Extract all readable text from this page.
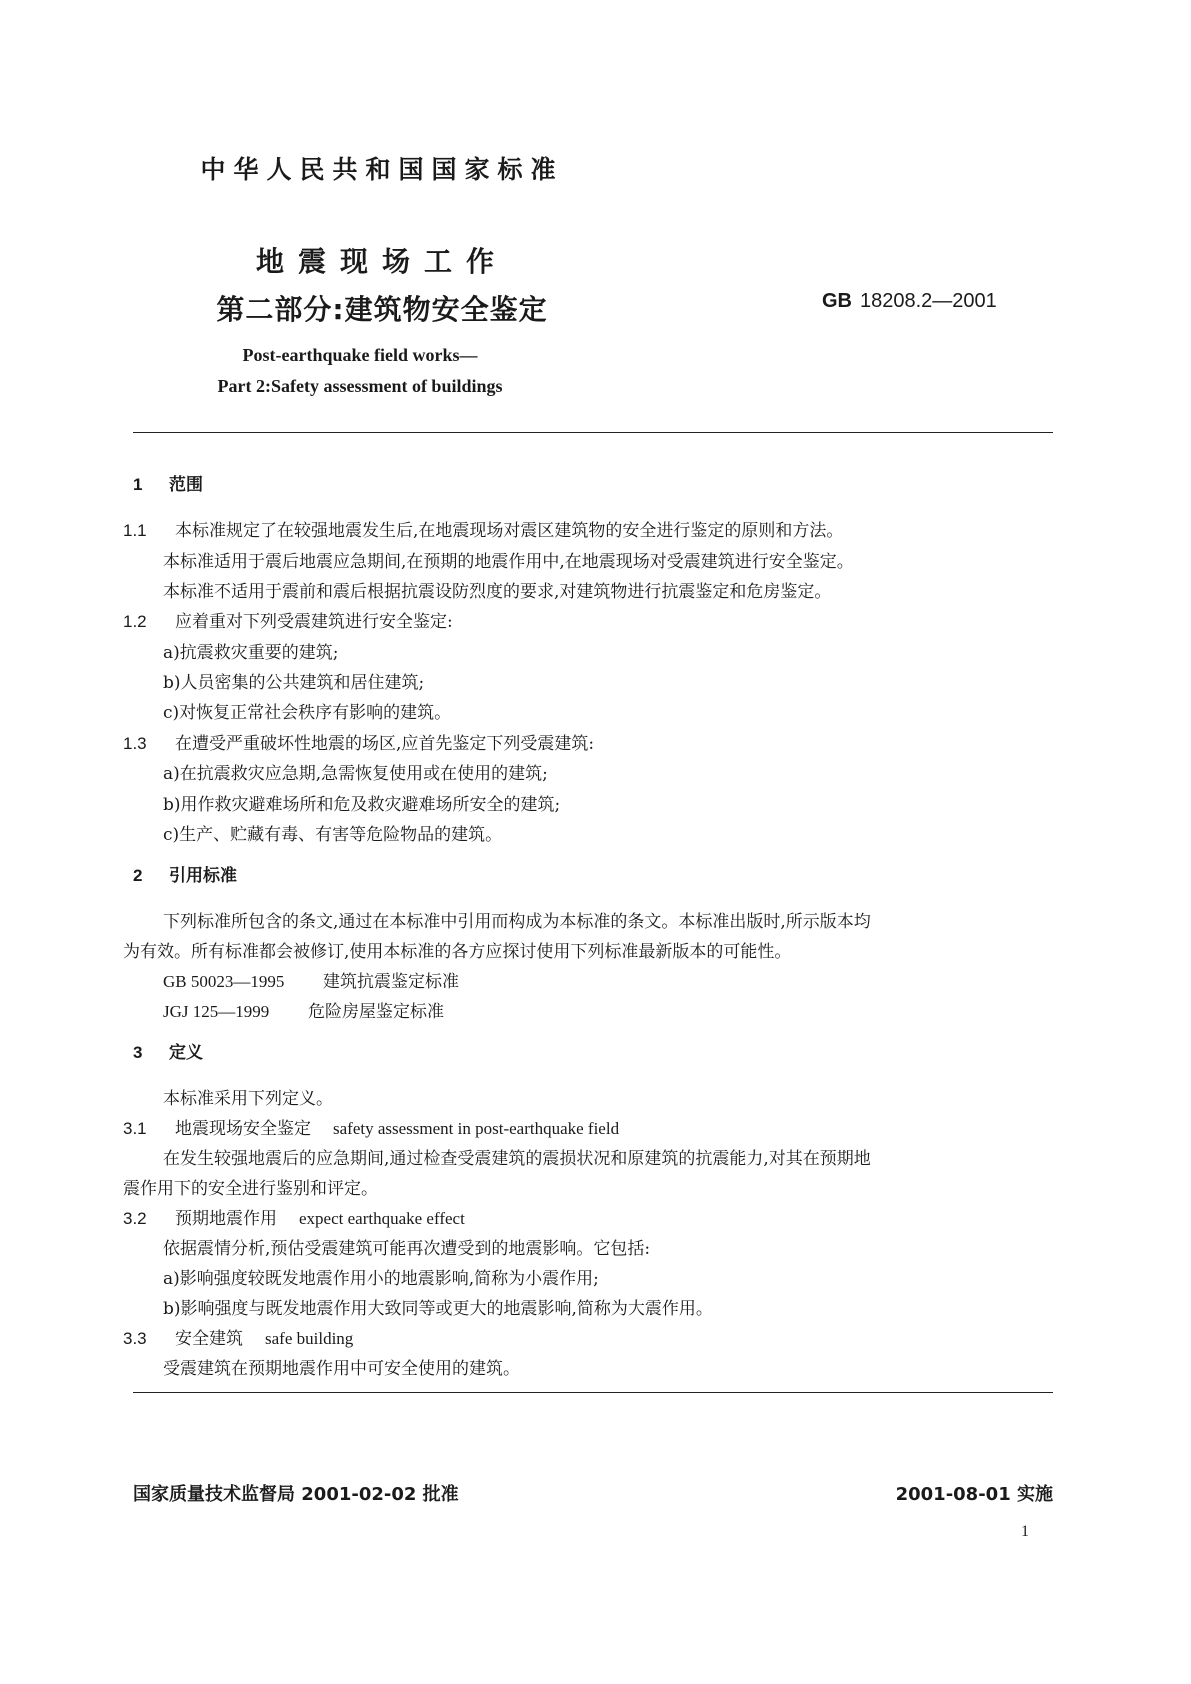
中华人民共和国国家标准
地震现场工作
第二部分:建筑物安全鉴定	GB 18208.2—2001
Post-earthquake field works—
Part 2:Safety assessment of buildings
1 范围
1.1 本标准规定了在较强地震发生后,在地震现场对震区建筑物的安全进行鉴定的原则和方法。
本标准适用于震后地震应急期间,在预期的地震作用中,在地震现场对受震建筑进行安全鉴定。
本标准不适用于震前和震后根据抗震设防烈度的要求,对建筑物进行抗震鉴定和危房鉴定。
1.2 应着重对下列受震建筑进行安全鉴定:
a)抗震救灾重要的建筑;
b)人员密集的公共建筑和居住建筑;
c)对恢复正常社会秩序有影响的建筑。
1.3 在遭受严重破坏性地震的场区,应首先鉴定下列受震建筑:
a)在抗震救灾应急期,急需恢复使用或在使用的建筑;
b)用作救灾避难场所和危及救灾避难场所安全的建筑;
c)生产、贮藏有毒、有害等危险物品的建筑。
2 引用标准
下列标准所包含的条文,通过在本标准中引用而构成为本标准的条文。本标准出版时,所示版本均
为有效。所有标准都会被修订,使用本标准的各方应探讨使用下列标准最新版本的可能性。
GB 50023—1995 建筑抗震鉴定标准
JGJ 125—1999 危险房屋鉴定标准
3 定义
本标准采用下列定义。
3.1 地震现场安全鉴定 safety assessment in post-earthquake field
在发生较强地震后的应急期间,通过检查受震建筑的震损状况和原建筑的抗震能力,对其在预期地
震作用下的安全进行鉴别和评定。
3.2 预期地震作用 expect earthquake effect
依据震情分析,预估受震建筑可能再次遭受到的地震影响。它包括:
a)影响强度较既发地震作用小的地震影响,简称为小震作用;
b)影响强度与既发地震作用大致同等或更大的地震影响,简称为大震作用。
3.3 安全建筑 safe building
受震建筑在预期地震作用中可安全使用的建筑。
国家质量技术监督局 2001-02-02 批准	2001-08-01 实施
1
